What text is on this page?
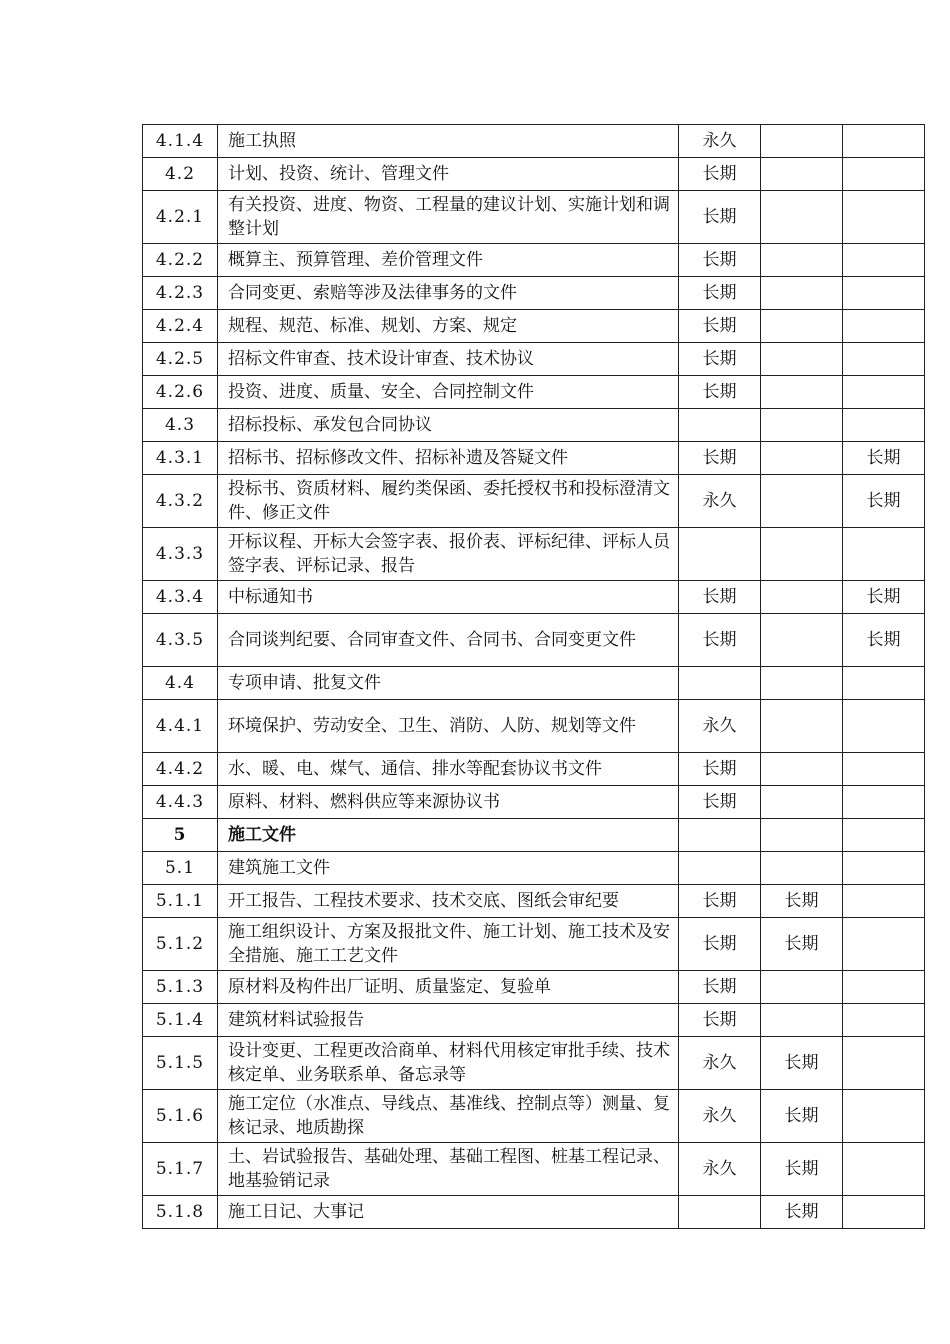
4.1.4	施工执照	永久		
4.2	计划、投资、统计、管理文件	长期		
4.2.1	有关投资、进度、物资、工程量的建议计划、实施计划和调整计划	长期		
4.2.2	概算主、预算管理、差价管理文件	长期		
4.2.3	合同变更、索赔等涉及法律事务的文件	长期		
4.2.4	规程、规范、标准、规划、方案、规定	长期		
4.2.5	招标文件审查、技术设计审查、技术协议	长期		
4.2.6	投资、进度、质量、安全、合同控制文件	长期		
4.3	招标投标、承发包合同协议			
4.3.1	招标书、招标修改文件、招标补遗及答疑文件	长期		长期
4.3.2	投标书、资质材料、履约类保函、委托授权书和投标澄清文件、修正文件	永久		长期
4.3.3	开标议程、开标大会签字表、报价表、评标纪律、评标人员签字表、评标记录、报告			
4.3.4	中标通知书	长期		长期
4.3.5	合同谈判纪要、合同审查文件、合同书、合同变更文件	长期		长期
4.4	专项申请、批复文件			
4.4.1	环境保护、劳动安全、卫生、消防、人防、规划等文件	永久		
4.4.2	水、暖、电、煤气、通信、排水等配套协议书文件	长期		
4.4.3	原料、材料、燃料供应等来源协议书	长期		
5	施工文件			
5.1	建筑施工文件			
5.1.1	开工报告、工程技术要求、技术交底、图纸会审纪要	长期	长期	
5.1.2	施工组织设计、方案及报批文件、施工计划、施工技术及安全措施、施工工艺文件	长期	长期	
5.1.3	原材料及构件出厂证明、质量鉴定、复验单	长期		
5.1.4	建筑材料试验报告	长期		
5.1.5	设计变更、工程更改洽商单、材料代用核定审批手续、技术核定单、业务联系单、备忘录等	永久	长期	
5.1.6	施工定位（水准点、导线点、基准线、控制点等）测量、复核记录、地质勘探	永久	长期	
5.1.7	土、岩试验报告、基础处理、基础工程图、桩基工程记录、地基验销记录	永久	长期	
5.1.8	施工日记、大事记		长期	
